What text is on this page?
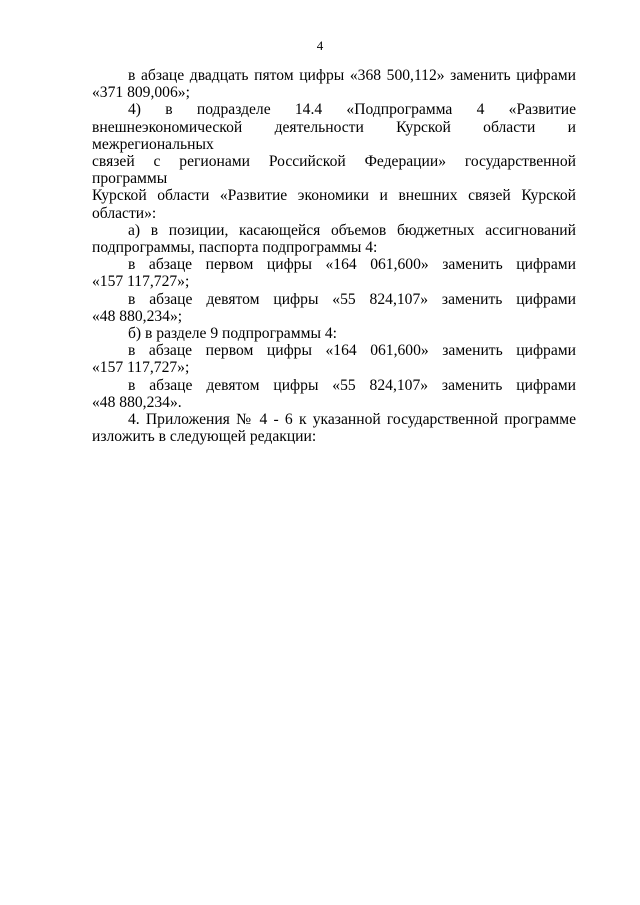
4
в абзаце двадцать пятом цифры «368 500,112» заменить цифрами
«371 809,006»;
4) в подразделе 14.4 «Подпрограмма 4 «Развитие
внешнеэкономической деятельности Курской области и межрегиональных
связей с регионами Российской Федерации» государственной программы
Курской области «Развитие экономики и внешних связей Курской
области»:
а) в позиции, касающейся объемов бюджетных ассигнований
подпрограммы, паспорта подпрограммы 4:
в абзаце первом цифры «164 061,600» заменить цифрами
«157 117,727»;
в абзаце девятом цифры «55 824,107» заменить цифрами
«48 880,234»;
б) в разделе 9 подпрограммы 4:
в абзаце первом цифры «164 061,600» заменить цифрами
«157 117,727»;
в абзаце девятом цифры «55 824,107» заменить цифрами
«48 880,234».
4. Приложения № 4 - 6 к указанной государственной программе
изложить в следующей редакции:
